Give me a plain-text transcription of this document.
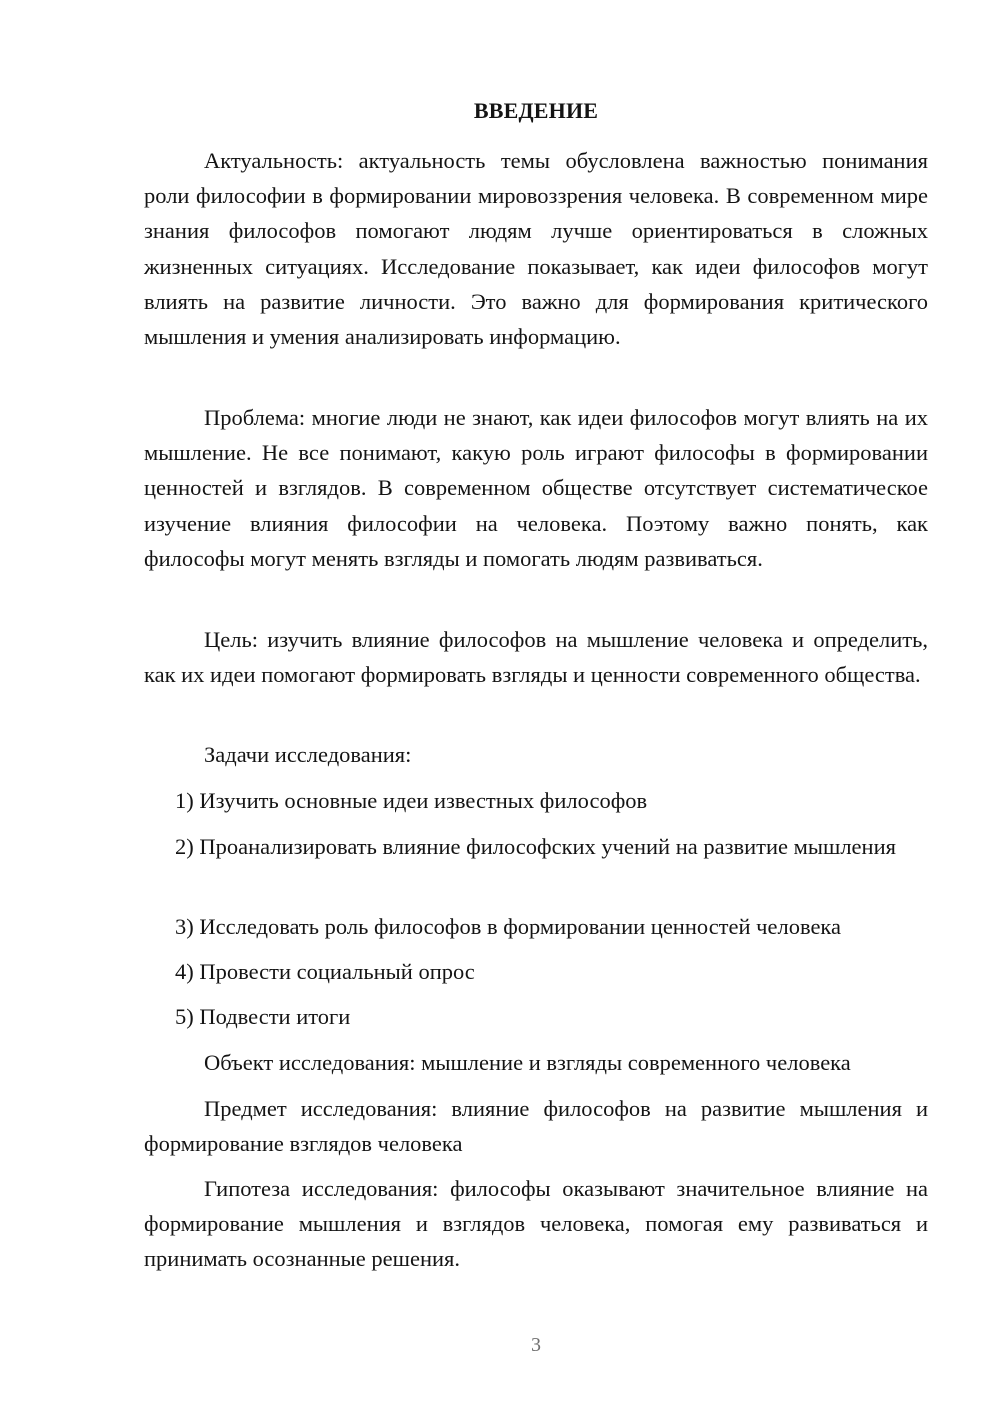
ВВЕДЕНИЕ

Актуальность: актуальность темы обусловлена важностью понимания роли философии в формировании мировоззрения человека. В современном мире знания философов помогают людям лучше ориентироваться в сложных жизненных ситуациях. Исследование показывает, как идеи философов могут влиять на развитие личности. Это важно для формирования критического мышления и умения анализировать информацию.

Проблема: многие люди не знают, как идеи философов могут влиять на их мышление. Не все понимают, какую роль играют философы в формировании ценностей и взглядов. В современном обществе отсутствует систематическое изучение влияния философии на человека. Поэтому важно понять, как философы могут менять взгляды и помогать людям развиваться.

Цель: изучить влияние философов на мышление человека и определить, как их идеи помогают формировать взгляды и ценности современного общества.

Задачи исследования:

1) Изучить основные идеи известных философов

2) Проанализировать влияние философских учений на развитие мышления

3) Исследовать роль философов в формировании ценностей человека

4) Провести социальный опрос

5) Подвести итоги

Объект исследования: мышление и взгляды современного человека

Предмет исследования: влияние философов на развитие мышления и формирование взглядов человека

Гипотеза исследования: философы оказывают значительное влияние на формирование мышления и взглядов человека, помогая ему развиваться и принимать осознанные решения.

3
